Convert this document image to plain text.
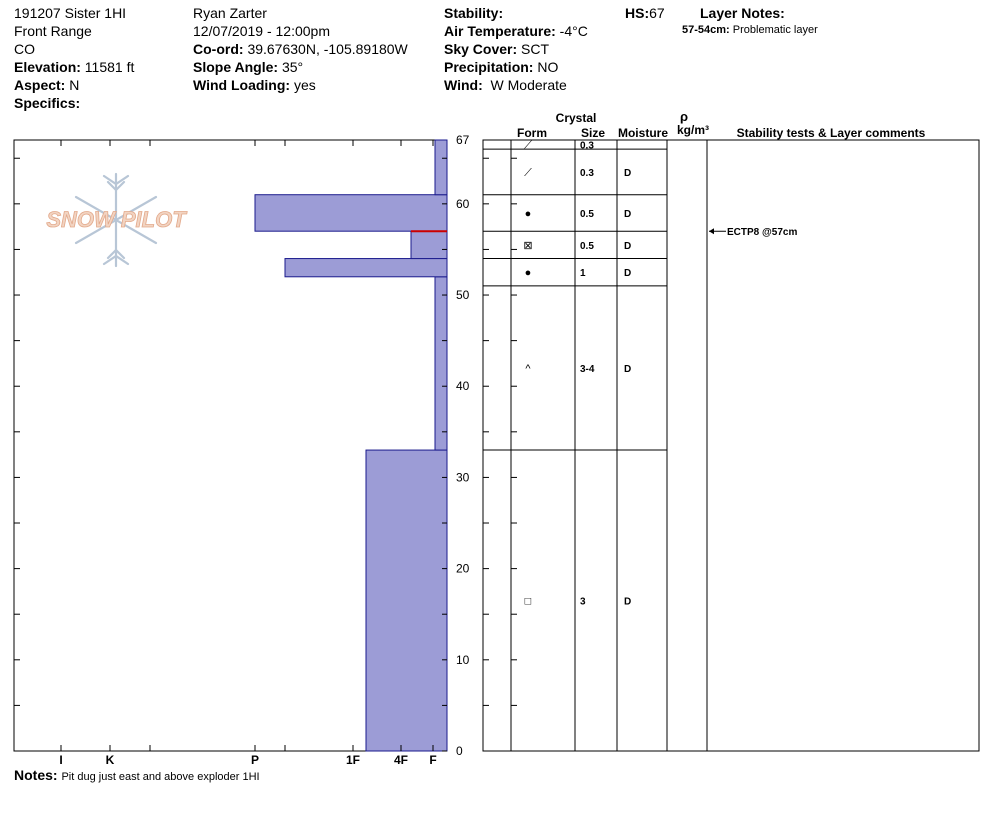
191207 Sister 1HI
Front Range
CO
Elevation: 11581 ft
Aspect: N
Specifics:
Ryan Zarter
12/07/2019 - 12:00pm
Co-ord: 39.67630N, -105.89180W
Slope Angle: 35°
Wind Loading: yes
Stability:
Air Temperature: -4°C
Sky Cover: SCT
Precipitation: NO
Wind: W Moderate
HS:67	Layer Notes:
57-54cm: Problematic layer
Notes: Pit dug just east and above exploder 1HI
SNOW PILOT
I	K	P	1F	4F F
0
10
20
30
40
50
60
67
Crystal
Form	Size Moisture
ρ
kg/m³ Stability tests & Layer comments
⟋	0.3
⟋	0.3	D
●	0.5	D
⊠	0.5	D
●	1	D
^	3-4	D
□	3	D
ECTP8 @57cm
